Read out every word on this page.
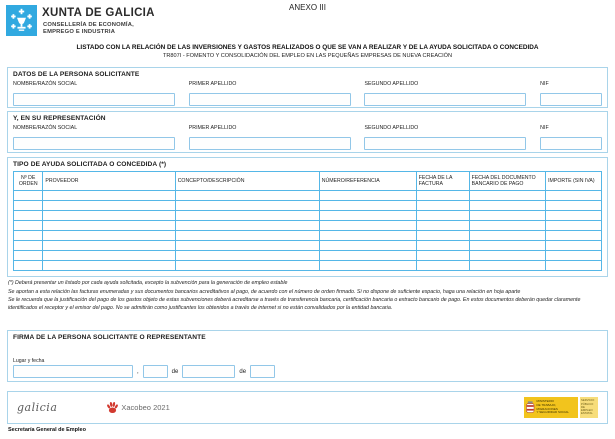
XUNTA DE GALICIA
CONSELLERÍA DE ECONOMÍA,
EMPREGO E INDUSTRIA
ANEXO III
LISTADO CON LA RELACIÓN DE LAS INVERSIONES Y GASTOS REALIZADOS O QUE SE VAN A REALIZAR Y DE LA AYUDA SOLICITADA O CONCEDIDA
TR807I - FOMENTO Y CONSOLIDACIÓN DEL EMPLEO EN LAS PEQUEÑAS EMPRESAS DE NUEVA CREACIÓN
DATOS DE LA PERSONA SOLICITANTE
NOMBRE/RAZÓN SOCIAL	PRIMER APELLIDO	SEGUNDO APELLIDO	NIF
Y, EN SU REPRESENTACIÓN
NOMBRE/RAZÓN SOCIAL	PRIMER APELLIDO	SEGUNDO APELLIDO	NIF
TIPO DE AYUDA SOLICITADA O CONCEDIDA (*)
Nº DE ORDEN	PROVEEDOR	CONCEPTO/DESCRIPCIÓN	NÚMERO/REFERENCIA	FECHA DE LA FACTURA	FECHA DEL DOCUMENTO BANCARIO DE PAGO	IMPORTE (SIN IVA)

(*) Deberá presentar un listado por cada ayuda solicitada, excepto la subvención para la generación de empleo estable

Se aportan a esta relación las facturas enumeradas y sus documentos bancarios acreditativos al pago, de acuerdo con el número de orden firmado. Si no dispone de suficiente espacio, haga una relación en hoja aparte

Se le recuerda que la justificación del pago de los gastos objeto de estas subvenciones deberá acreditarse a través de transferencia bancaria, certificación bancaria o extracto bancario de pago. En estos documentos deberán quedar claramente identificados el receptor y el emisor del pago. No se admitirán como justificantes los obtenidos a través de internet si no están convalidados por la entidad bancaria.

FIRMA DE LA PERSONA SOLICITANTE O REPRESENTANTE
Lugar y fecha
,	de	de
galicia	Xacobeo 2021
MINISTERIO
DE TRABAJO, MIGRACIONES
Y SEGURIDAD SOCIAL
SERVICIO PÚBLICO
DE EMPLEO ESTATAL
Secretaría General de Empleo
